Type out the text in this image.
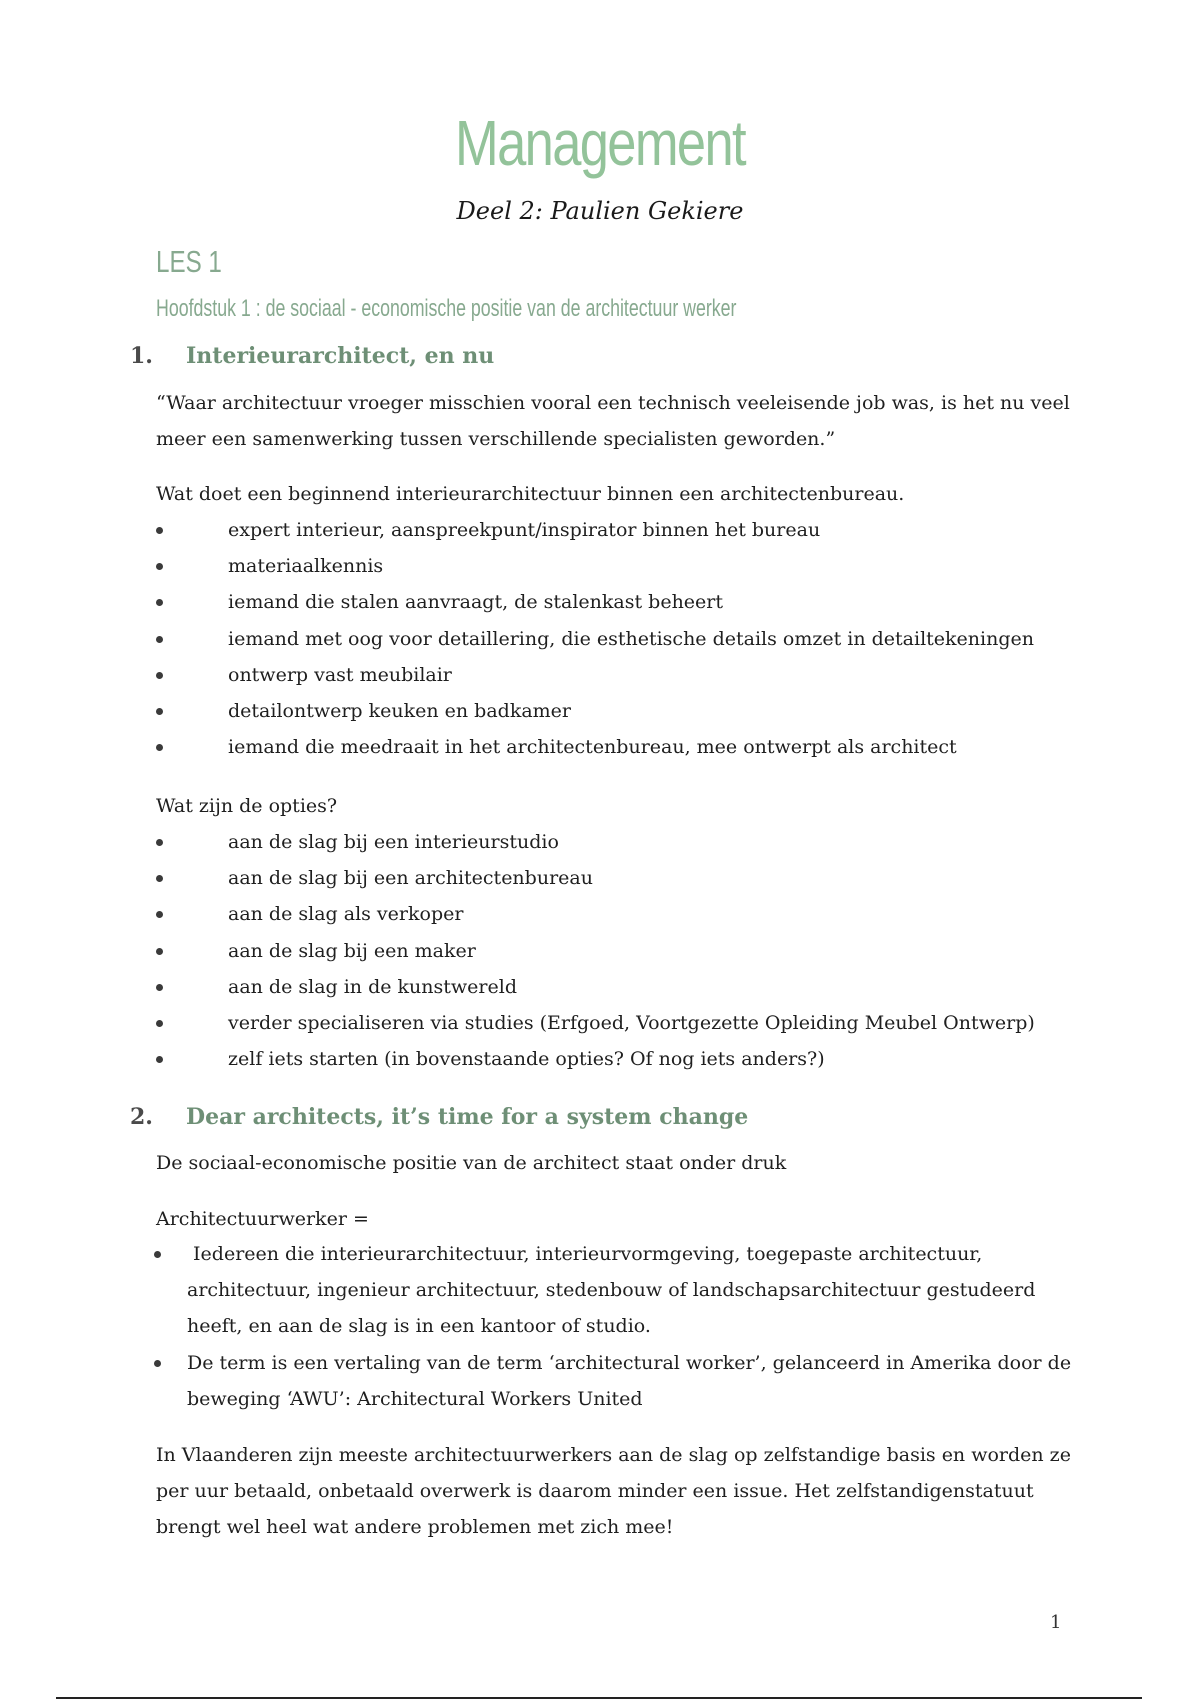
Management
Deel 2: Paulien Gekiere
LES 1
Hoofdstuk 1 : de sociaal - economische positie van de architectuur werker
1. Interieurarchitect, en nu
“Waar architectuur vroeger misschien vooral een technisch veeleisende job was, is het nu veel
meer een samenwerking tussen verschillende specialisten geworden.”
Wat doet een beginnend interieurarchitectuur binnen een architectenbureau.
expert interieur, aanspreekpunt/inspirator binnen het bureau
materiaalkennis
iemand die stalen aanvraagt, de stalenkast beheert
iemand met oog voor detaillering, die esthetische details omzet in detailtekeningen
ontwerp vast meubilair
detailontwerp keuken en badkamer
iemand die meedraait in het architectenbureau, mee ontwerpt als architect
Wat zijn de opties?
aan de slag bij een interieurstudio
aan de slag bij een architectenbureau
aan de slag als verkoper
aan de slag bij een maker
aan de slag in de kunstwereld
verder specialiseren via studies (Erfgoed, Voortgezette Opleiding Meubel Ontwerp)
zelf iets starten (in bovenstaande opties? Of nog iets anders?)
2. Dear architects, it’s time for a system change
De sociaal-economische positie van de architect staat onder druk
Architectuurwerker =
Iedereen die interieurarchitectuur, interieurvormgeving, toegepaste architectuur,
architectuur, ingenieur architectuur, stedenbouw of landschapsarchitectuur gestudeerd
heeft, en aan de slag is in een kantoor of studio.
De term is een vertaling van de term ‘architectural worker’, gelanceerd in Amerika door de
beweging ‘AWU’: Architectural Workers United
In Vlaanderen zijn meeste architectuurwerkers aan de slag op zelfstandige basis en worden ze
per uur betaald, onbetaald overwerk is daarom minder een issue. Het zelfstandigenstatuut
brengt wel heel wat andere problemen met zich mee!
1
